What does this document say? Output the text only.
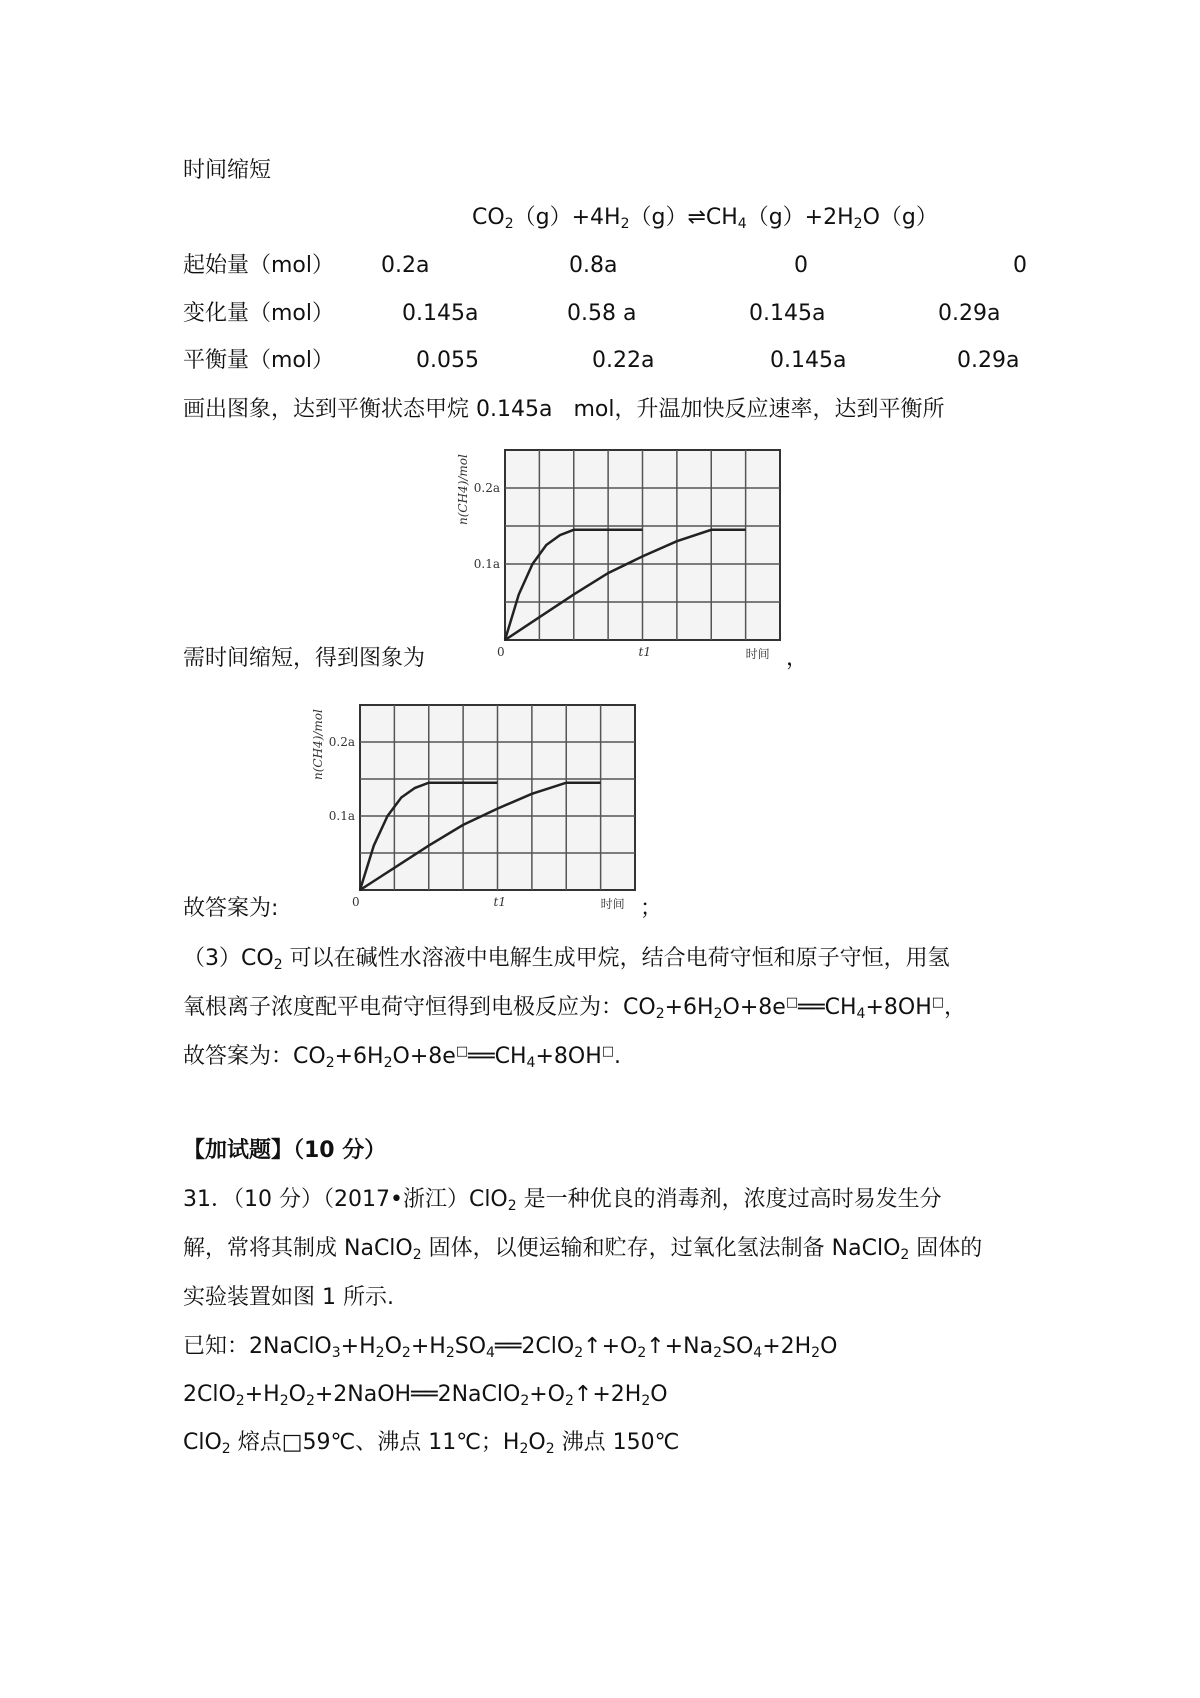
时间缩短
$CO_2(g)+4H_2(g)\rightleftharpoons CH_4(g)+2H_2O(g)$
起始量（mol） 0.2a	0.8a	0	0
变化量（mol）	0.145a	0.58 a	0.145a	0.29a
平衡量（mol）	0.055	0.22a	0.145a	0.29a
画出图象，达到平衡状态甲烷 0.145a   mol，升温加快反应速率，达到平衡所
0.1a
0.2a
0	t1	时间
n(CH4)/mol
需时间缩短，得到图象为	，
0.1a
0.2a
0	t1	时间
n(CH4)/mol
故答案为:	；
$(3)CO_2$ 可以在碱性水溶液中电解生成甲烷，结合电荷守恒和原子守恒，用氢
氧根离子浓度配平电荷守恒得到电极反应为：$CO_2+6H_2O+8e^□══CH_4+8OH^□$，
故答案为：$CO_2+6H_2O+8e^□══CH_4+8OH^□$.
【加试题】（10 分）
31．（10 分）（2017•浙江）ClO$_2$ 是一种优良的消毒剂，浓度过高时易发生分
解，常将其制成 NaClO$_2$ 固体，以便运输和贮存，过氧化氢法制备 NaClO$_2$ 固体的
实验装置如图 1 所示.
已知：$2NaClO_3+H_2O_2+H_2SO_4══2ClO_2↑+O_2↑+Na_2SO_4+2H_2O$
$2ClO_2+H_2O_2+2NaOH══2NaClO_2+O_2↑+2H_2O$
ClO$_2$ 熔点□59℃、沸点 11℃；$H_2O_2$ 沸点 150℃
